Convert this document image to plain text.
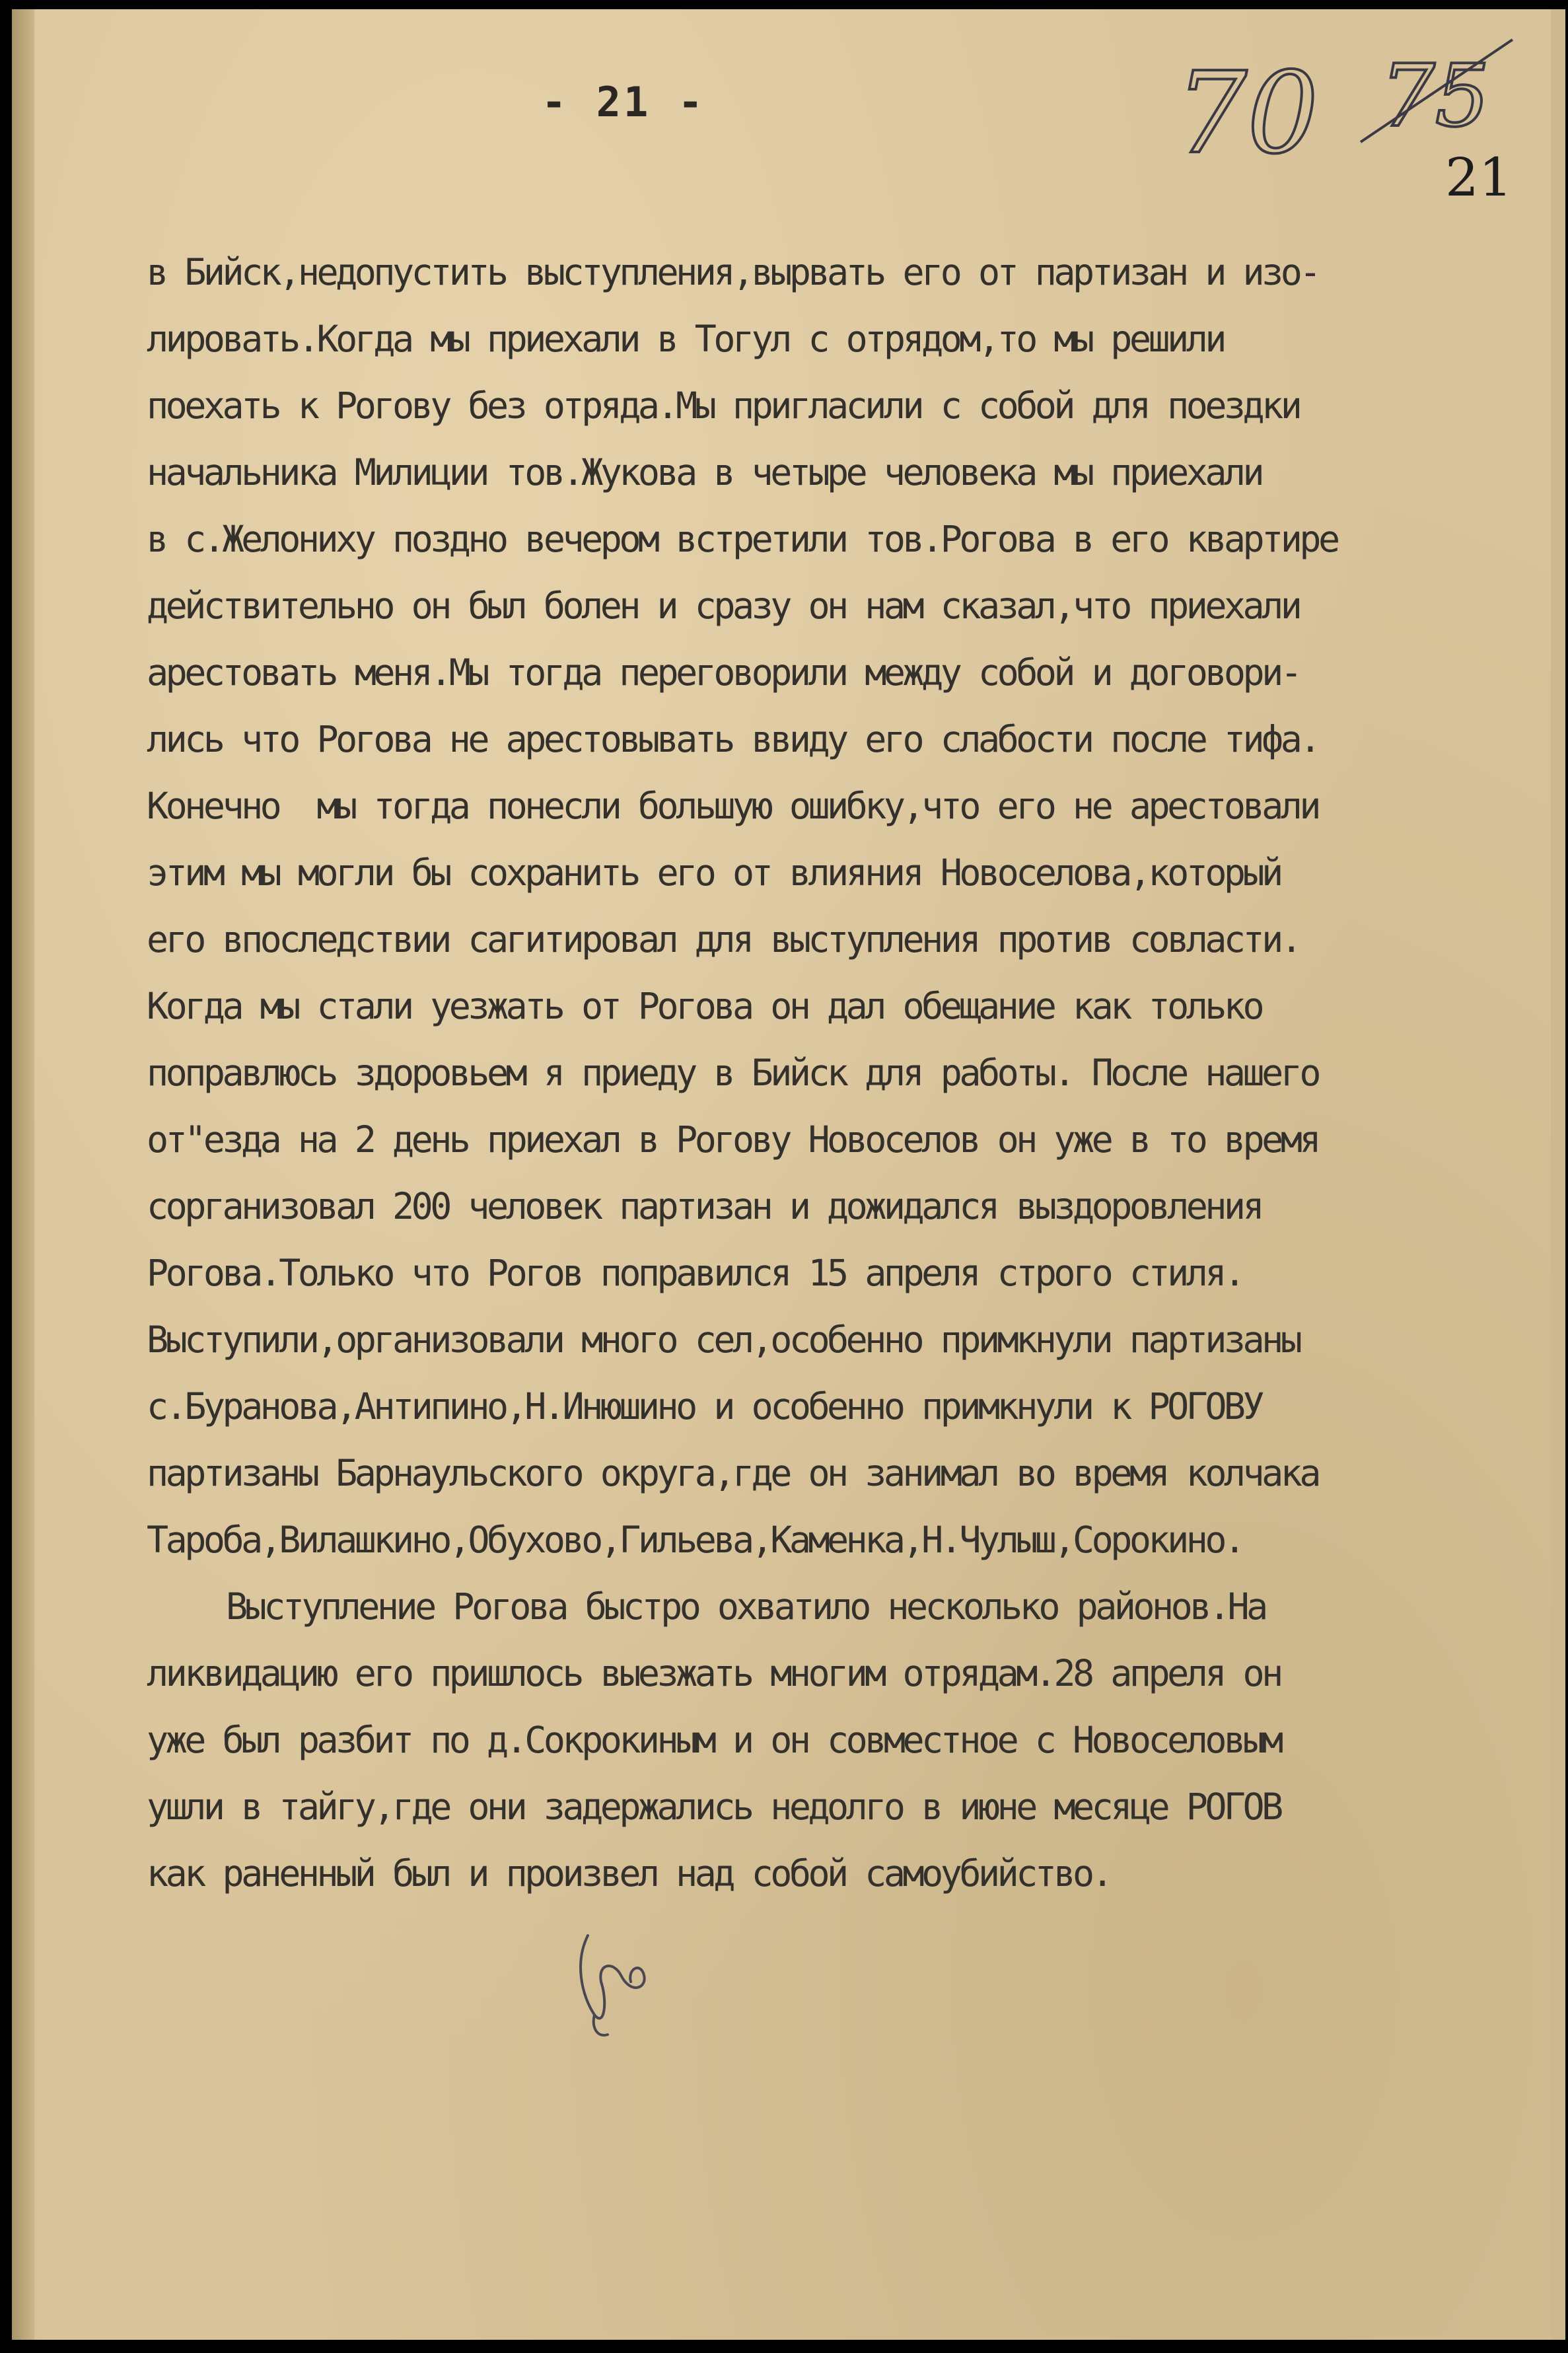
- 21 -
21
70 75
в Бийск,недопустить выступления,вырвать его от партизан и изо-
лировать.Когда мы приехали в Тогул с отрядом,то мы решили
поехать к Рогову без отряда.Мы пригласили с собой для поездки
начальника Милиции тов.Жукова в четыре человека мы приехали
в с.Желониху поздно вечером встретили тов.Рогова в его квартире
действительно он был болен и сразу он нам сказал,что приехали
арестовать меня.Мы тогда переговорили между собой и договори-
лись что Рогова не арестовывать ввиду его слабости после тифа.
Конечно  мы тогда понесли большую ошибку,что его не арестовали
этим мы могли бы сохранить его от влияния Новоселова,который
его впоследствии сагитировал для выступления против совласти.
Когда мы стали уезжать от Рогова он дал обещание как только
поправлюсь здоровьем я приеду в Бийск для работы. После нашего
от"езда на 2 день приехал в Рогову Новоселов он уже в то время
сорганизовал 200 человек партизан и дожидался выздоровления
Рогова.Только что Рогов поправился 15 апреля строго стиля.
Выступили,организовали много сел,особенно примкнули партизаны
с.Буранова,Антипино,Н.Инюшино и особенно примкнули к РОГОВУ
партизаны Барнаульского округа,где он занимал во время колчака
Тароба,Вилашкино,Обухово,Гильева,Каменка,Н.Чулыш,Сорокино.
Выступление Рогова быстро охватило несколько районов.На
ликвидацию его пришлось выезжать многим отрядам.28 апреля он
уже был разбит по д.Сокрокиным и он совместное с Новоселовым
ушли в тайгу,где они задержались недолго в июне месяце РОГОВ
как раненный был и произвел над собой самоубийство.
